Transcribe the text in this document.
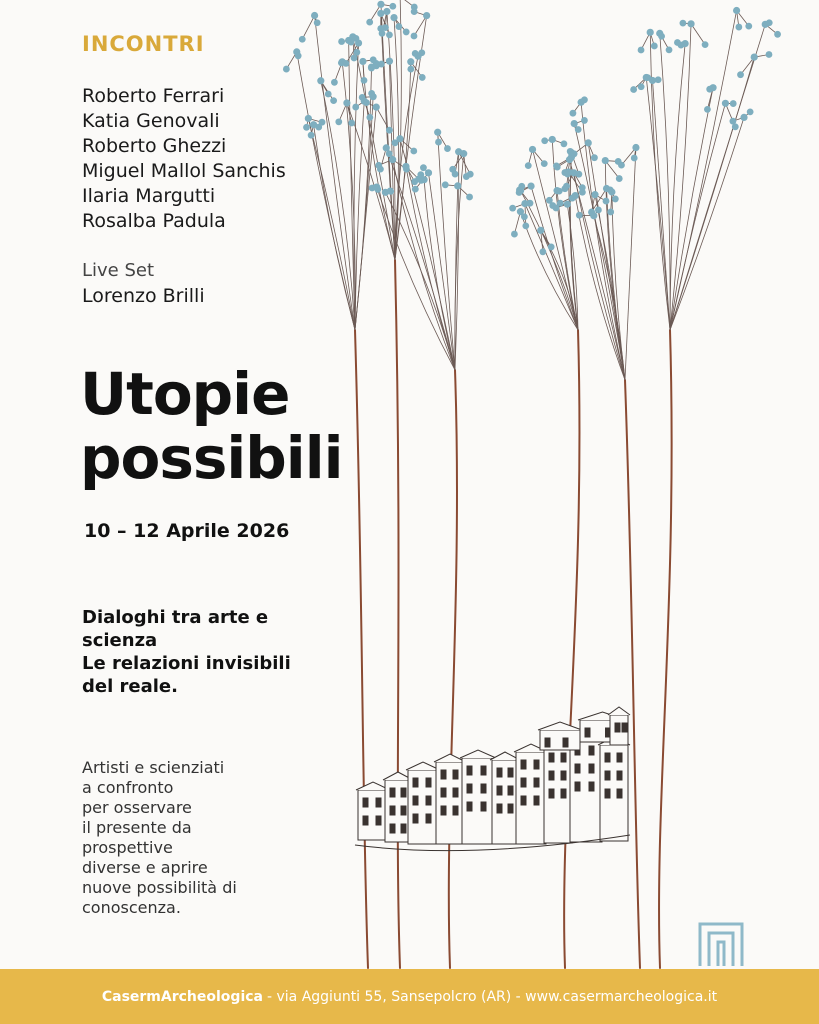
INCONTRI
Roberto Ferrari
Katia Genovali
Roberto Ghezzi
Miguel Mallol Sanchis
Ilaria Margutti
Rosalba Padula
Live Set
Lorenzo Brilli
Utopie
possibili
10 – 12 Aprile 2026
Dialoghi tra arte e
scienza
Le relazioni invisibili
del reale.
Artisti e scienziati
a confronto
per osservare
il presente da
prospettive
diverse e aprire
nuove possibilità di
conoscenza.
CasermArcheologica - via Aggiunti 55, Sansepolcro (AR) - www.casermarcheologica.it
